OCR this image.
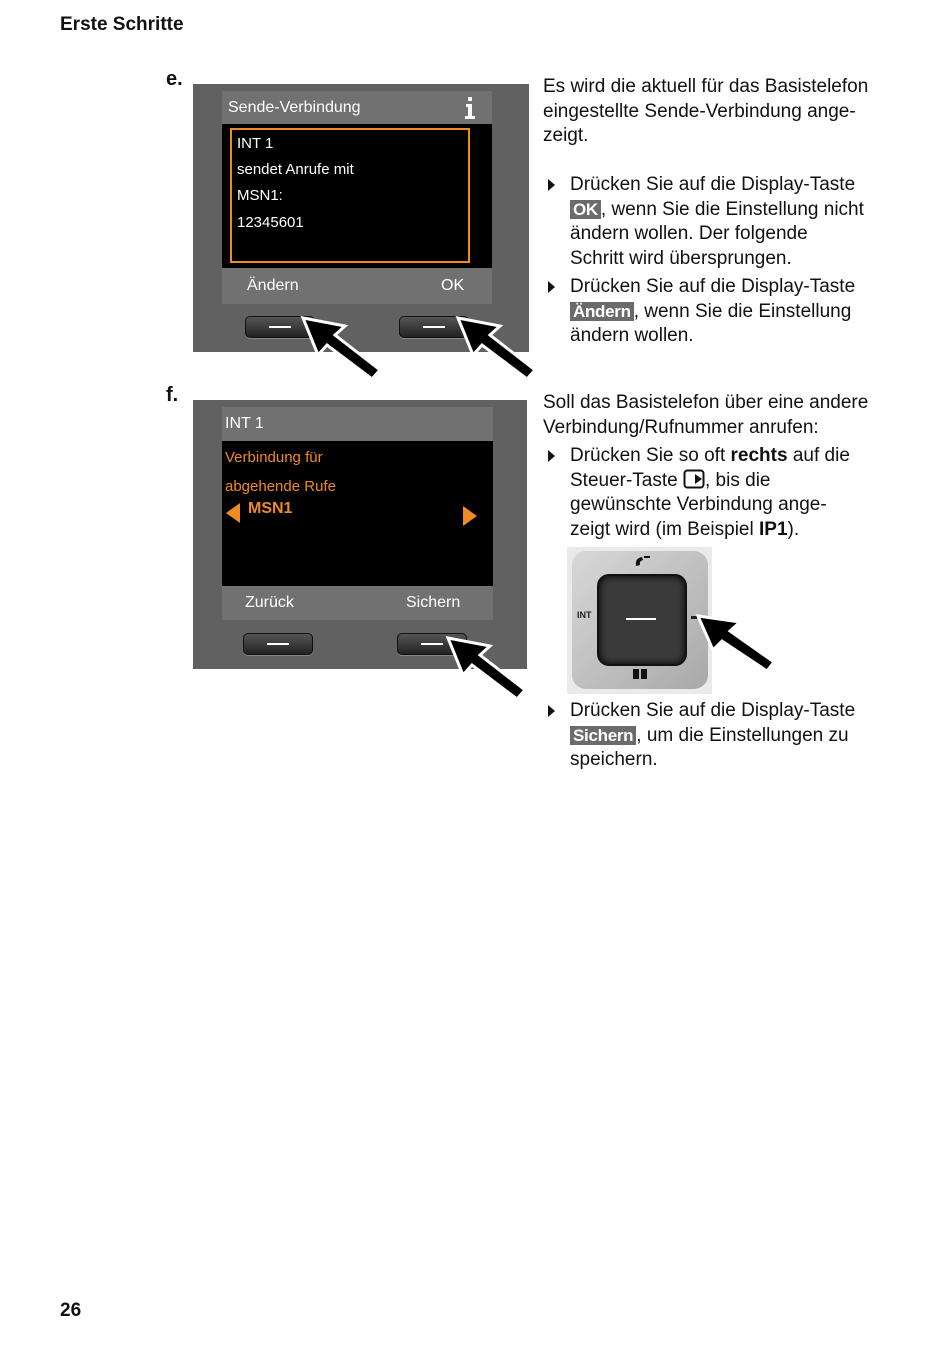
Erste Schritte
26
e.
Sende-Verbindung
INT 1
sendet Anrufe mit
MSN1:
12345601
Ändern	OK
Es wird die aktuell für das Basistelefon
eingestellte Sende-Verbindung ange-
zeigt.
Drücken Sie auf die Display-Taste
OK , wenn Sie die Einstellung nicht
ändern wollen. Der folgende
Schritt wird übersprungen.
Drücken Sie auf die Display-Taste
Ändern , wenn Sie die Einstellung
ändern wollen.
f.
INT 1
Verbindung für
abgehende Rufe
MSN1
Zurück	Sichern
Soll das Basistelefon über eine andere
Verbindung/Rufnummer anrufen:
Drücken Sie so oft rechts auf die
Steuer-Taste , bis die
gewünschte Verbindung ange-
zeigt wird (im Beispiel IP1).
INT
Drücken Sie auf die Display-Taste
Sichern , um die Einstellungen zu
speichern.
